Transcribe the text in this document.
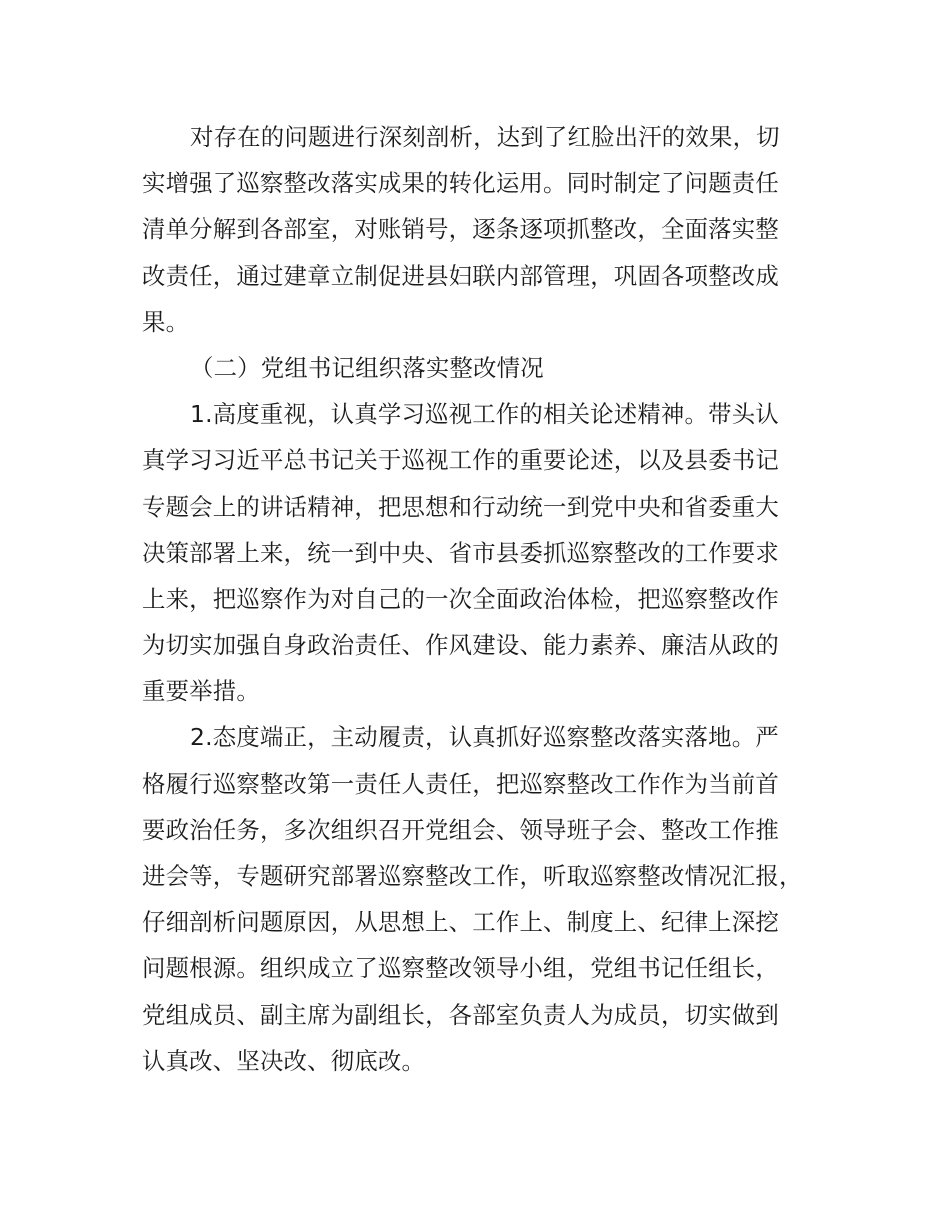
对存在的问题进行深刻剖析，达到了红脸出汗的效果，切
实增强了巡察整改落实成果的转化运用。同时制定了问题责任
清单分解到各部室，对账销号，逐条逐项抓整改，全面落实整
改责任，通过建章立制促进县妇联内部管理，巩固各项整改成
果。
（二）党组书记组织落实整改情况
1.高度重视，认真学习巡视工作的相关论述精神。带头认
真学习习近平总书记关于巡视工作的重要论述，以及县委书记
专题会上的讲话精神，把思想和行动统一到党中央和省委重大
决策部署上来，统一到中央、省市县委抓巡察整改的工作要求
上来，把巡察作为对自己的一次全面政治体检，把巡察整改作
为切实加强自身政治责任、作风建设、能力素养、廉洁从政的
重要举措。
2.态度端正，主动履责，认真抓好巡察整改落实落地。严
格履行巡察整改第一责任人责任，把巡察整改工作作为当前首
要政治任务，多次组织召开党组会、领导班子会、整改工作推
进会等，专题研究部署巡察整改工作，听取巡察整改情况汇报，
仔细剖析问题原因，从思想上、工作上、制度上、纪律上深挖
问题根源。组织成立了巡察整改领导小组，党组书记任组长，
党组成员、副主席为副组长，各部室负责人为成员，切实做到
认真改、坚决改、彻底改。
